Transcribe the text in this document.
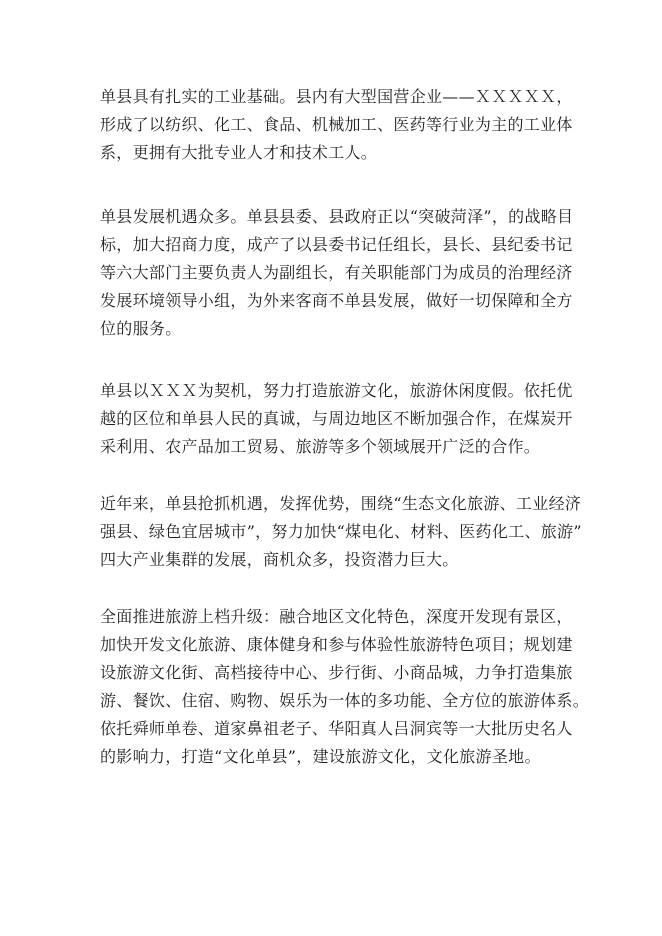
单县具有扎实的工业基础。县内有大型国营企业——ＸＸＸＸＸ，
形成了以纺织、化工、食品、机械加工、医药等行业为主的工业体
系，更拥有大批专业人才和技术工人。

单县发展机遇众多。单县县委、县政府正以“突破菏泽”，的战略目
标，加大招商力度，成产了以县委书记任组长，县长、县纪委书记
等六大部门主要负责人为副组长，有关职能部门为成员的治理经济
发展环境领导小组，为外来客商不单县发展，做好一切保障和全方
位的服务。

单县以ＸＸＸ为契机，努力打造旅游文化，旅游休闲度假。依托优
越的区位和单县人民的真诚，与周边地区不断加强合作，在煤炭开
采利用、农产品加工贸易、旅游等多个领域展开广泛的合作。

近年来，单县抢抓机遇，发挥优势，围绕“生态文化旅游、工业经济
强县、绿色宜居城市”，努力加快“煤电化、材料、医药化工、旅游”
四大产业集群的发展，商机众多，投资潜力巨大。

全面推进旅游上档升级：融合地区文化特色，深度开发现有景区，
加快开发文化旅游、康体健身和参与体验性旅游特色项目；规划建
设旅游文化街、高档接待中心、步行街、小商品城，力争打造集旅
游、餐饮、住宿、购物、娱乐为一体的多功能、全方位的旅游体系。
依托舜师单卷、道家鼻祖老子、华阳真人吕洞宾等一大批历史名人
的影响力，打造“文化单县”，建设旅游文化，文化旅游圣地。
